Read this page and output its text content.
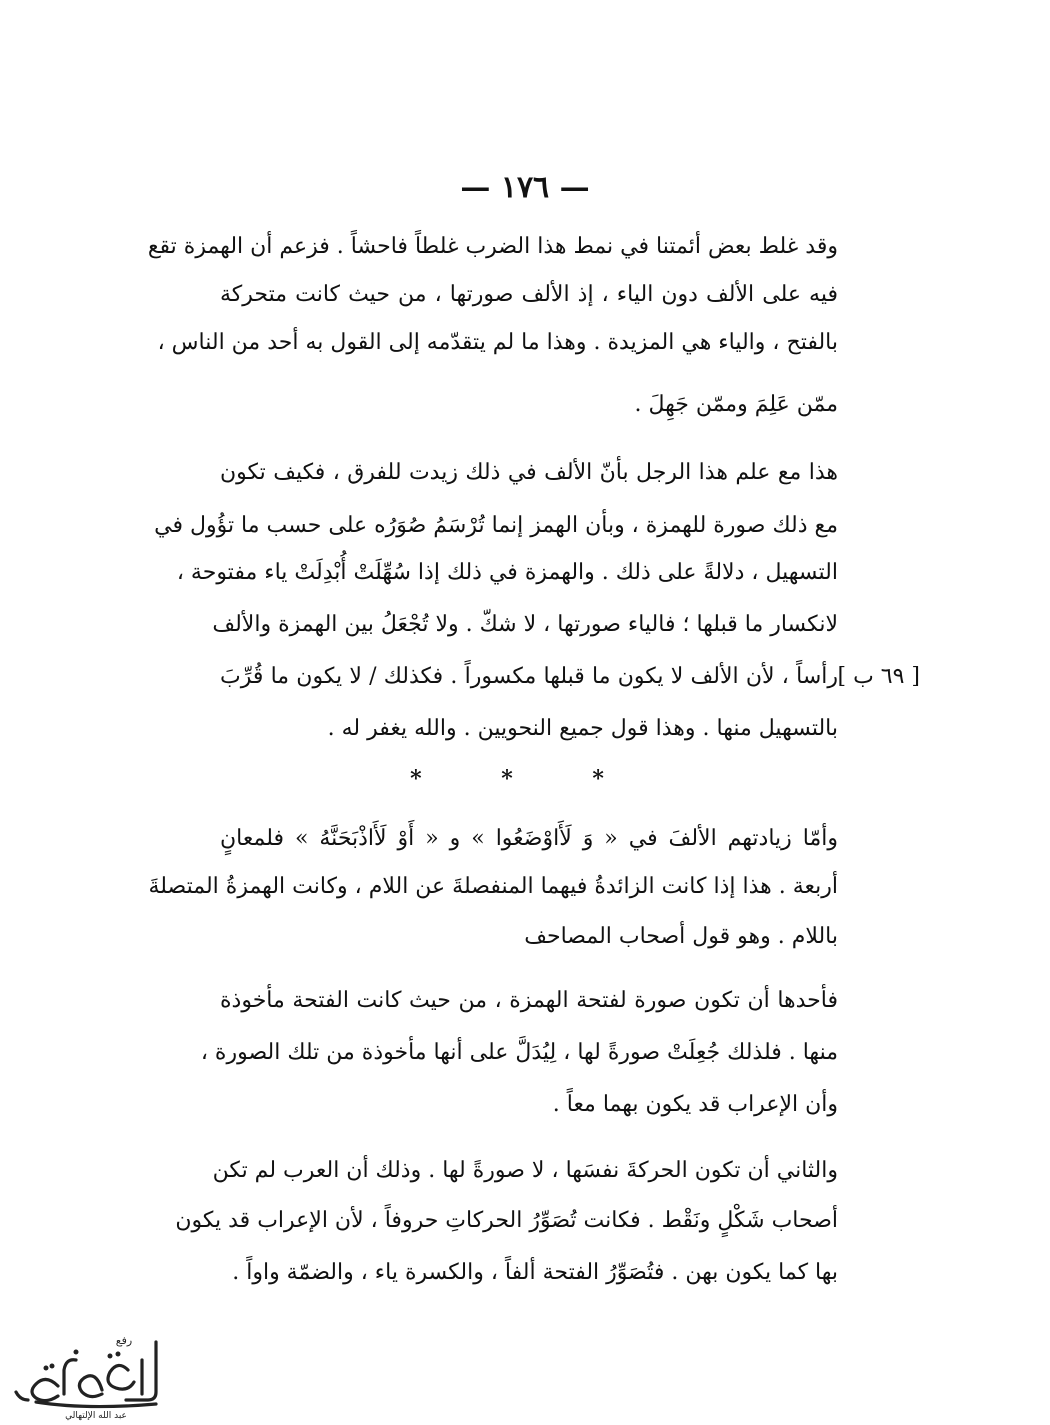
— ١٧٦ —
وقد غلط بعض أئمتنا في نمط هذا الضرب غلطاً فاحشاً . فزعم أن الهمزة تقع
فيه على الألف دون الياء ، إذ الألف صورتها ، من حيث كانت متحركة
بالفتح ، والياء هي المزيدة . وهذا ما لم يتقدّمه إلى القول به أحد من الناس ،
ممّن عَلِمَ وممّن جَهِلَ .
هذا مع علم هذا الرجل بأنّ الألف في ذلك زيدت للفرق ، فكيف تكون
مع ذلك صورة للهمزة ، وبأن الهمز إنما تُرْسَمُ صُوَرُه على حسب ما تؤُول في
التسهيل ، دلالةً على ذلك . والهمزة في ذلك إذا سُهِّلَتْ أُبْدِلَتْ ياء مفتوحة ،
لانكسار ما قبلها ؛ فالياء صورتها ، لا شكّ . ولا تُجْعَلُ بين الهمزة والألف
رأساً ، لأن الألف لا يكون ما قبلها مكسوراً . فكذلك / لا يكون ما قُرِّبَ
بالتسهيل منها . وهذا قول جميع النحويين . والله يغفر له .
[ ٦٩ ب ]
* * *
وأمّا زيادتهم الألفَ في « وَ لَأَاوْضَعُوا » و « أَوْ لَأَاذْبَحَنَّهُ » فلمعانٍ
أربعة . هذا إذا كانت الزائدةُ فيهما المنفصلةَ عن اللام ، وكانت الهمزةُ المتصلةَ
باللام . وهو قول أصحاب المصاحف
فأحدها أن تكون صورة لفتحة الهمزة ، من حيث كانت الفتحة مأخوذة
منها . فلذلك جُعِلَتْ صورةً لها ، لِيُدَلَّ على أنها مأخوذة من تلك الصورة ،
وأن الإعراب قد يكون بهما معاً .
والثاني أن تكون الحركةَ نفسَها ، لا صورةً لها . وذلك أن العرب لم تكن
أصحاب شَكْلٍ ونَقْط . فكانت تُصَوِّرُ الحركاتِ حروفاً ، لأن الإعراب قد يكون
بها كما يكون بهن . فتُصَوِّرُ الفتحة ألفاً ، والكسرة ياء ، والضمّة واواً .
رفع
عبد الله الإلتهالي
